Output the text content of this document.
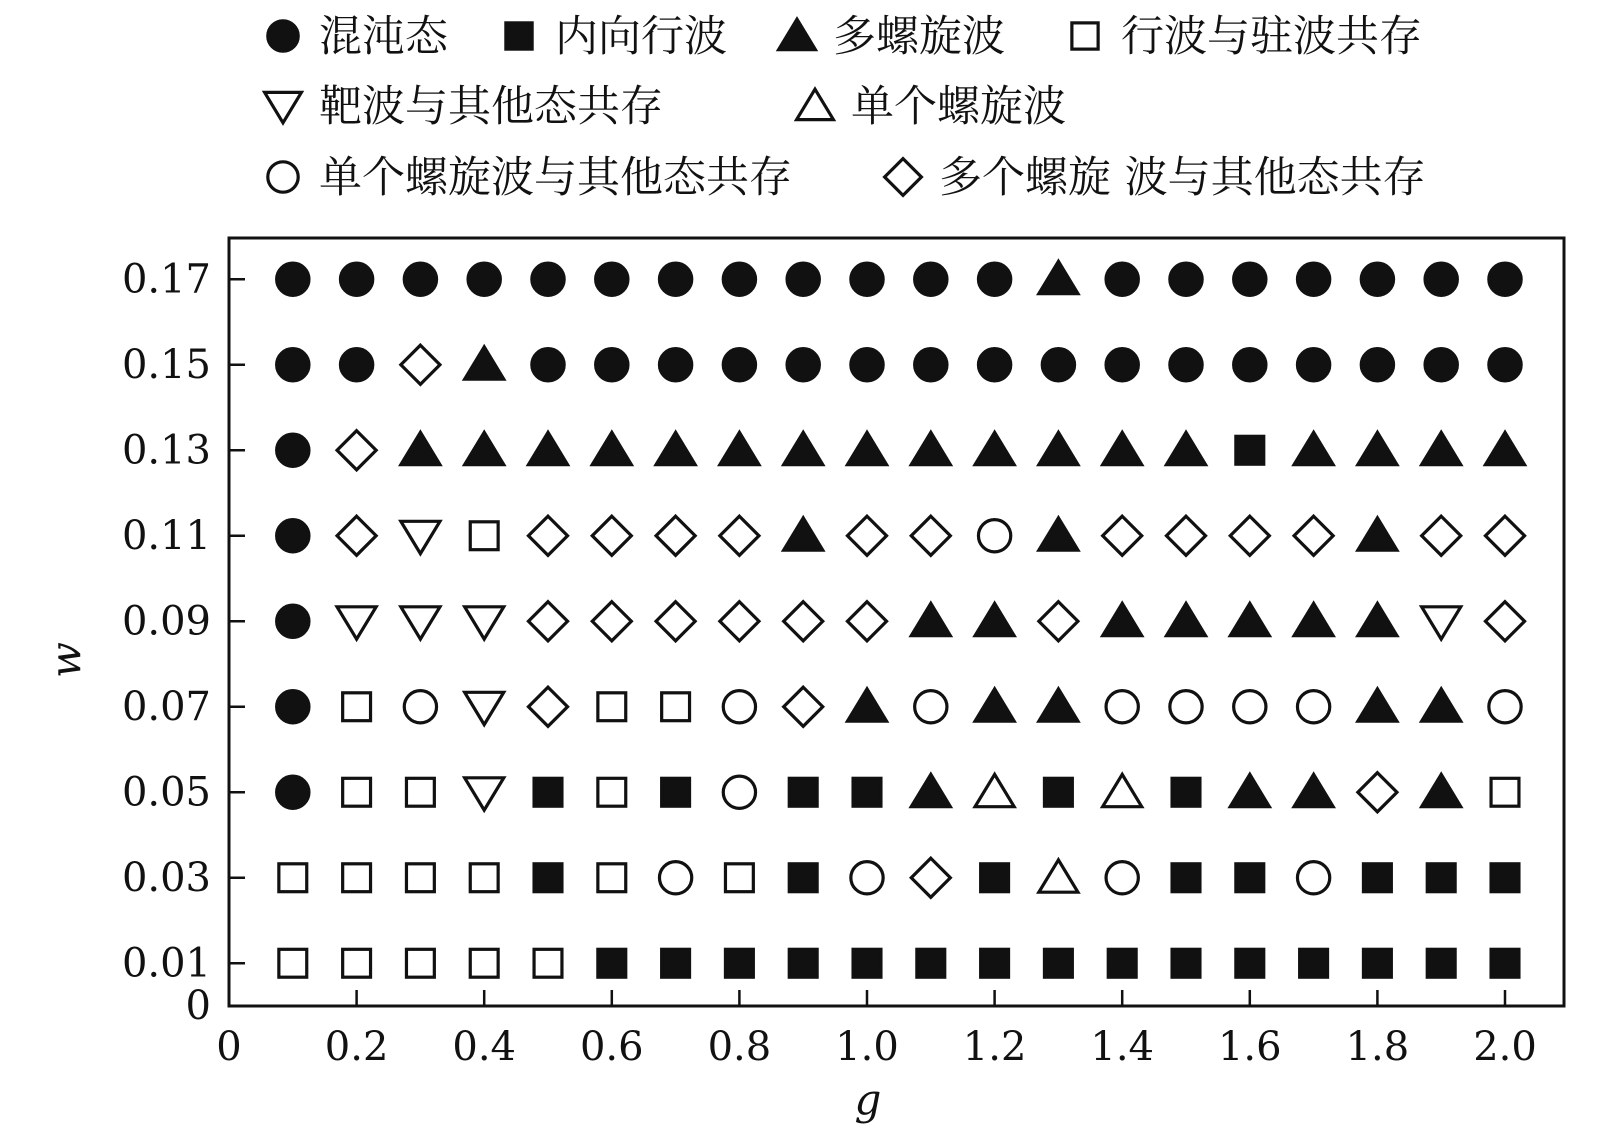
混沌态 内向行波 多螺旋波	行波与驻波共存
靶波与其他态共存	单个螺旋波
单个螺旋波与其他态共存	多个螺旋 波与其他态共存
0 0.2 0.4 0.6 0.8 1.0 1.2 1.4 1.6 1.8 2.0
0
0.01
0.03
0.05
0.07
0.09
0.11
0.13
0.15
0.17
g
w
